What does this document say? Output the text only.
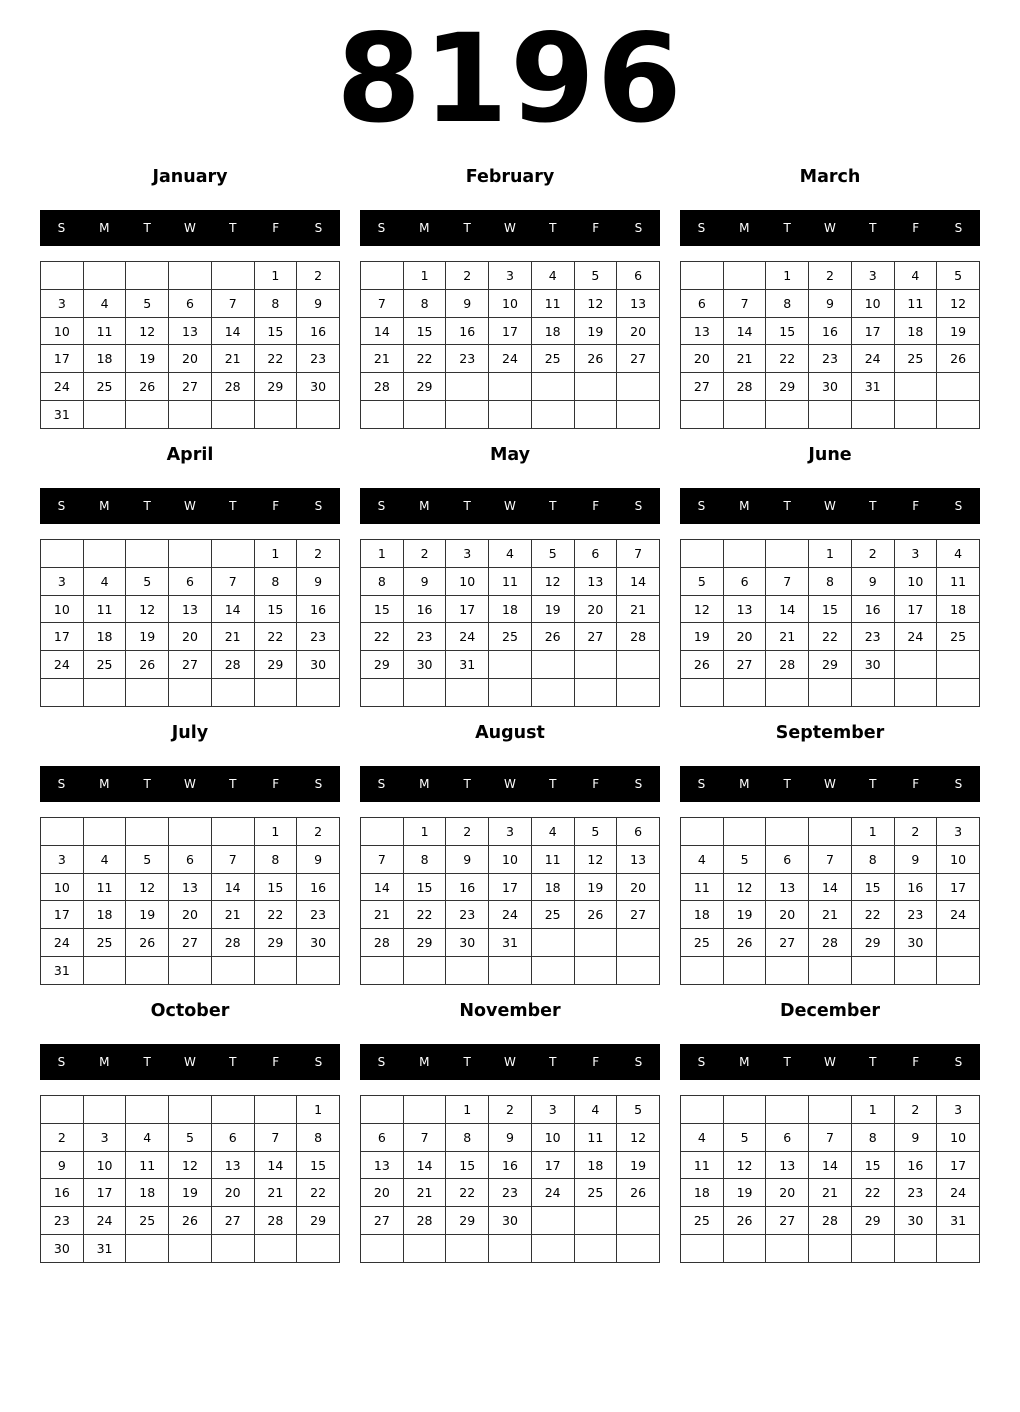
8196
January
S	M	T	W	T	F	S
					1	2
3	4	5	6	7	8	9
10	11	12	13	14	15	16
17	18	19	20	21	22	23
24	25	26	27	28	29	30
31						
February
S	M	T	W	T	F	S
	1	2	3	4	5	6
7	8	9	10	11	12	13
14	15	16	17	18	19	20
21	22	23	24	25	26	27
28	29					

March
S	M	T	W	T	F	S
		1	2	3	4	5
6	7	8	9	10	11	12
13	14	15	16	17	18	19
20	21	22	23	24	25	26
27	28	29	30	31		

April
S	M	T	W	T	F	S
					1	2
3	4	5	6	7	8	9
10	11	12	13	14	15	16
17	18	19	20	21	22	23
24	25	26	27	28	29	30

May
S	M	T	W	T	F	S
1	2	3	4	5	6	7
8	9	10	11	12	13	14
15	16	17	18	19	20	21
22	23	24	25	26	27	28
29	30	31				

June
S	M	T	W	T	F	S
			1	2	3	4
5	6	7	8	9	10	11
12	13	14	15	16	17	18
19	20	21	22	23	24	25
26	27	28	29	30		

July
S	M	T	W	T	F	S
					1	2
3	4	5	6	7	8	9
10	11	12	13	14	15	16
17	18	19	20	21	22	23
24	25	26	27	28	29	30
31						
August
S	M	T	W	T	F	S
	1	2	3	4	5	6
7	8	9	10	11	12	13
14	15	16	17	18	19	20
21	22	23	24	25	26	27
28	29	30	31			

September
S	M	T	W	T	F	S
				1	2	3
4	5	6	7	8	9	10
11	12	13	14	15	16	17
18	19	20	21	22	23	24
25	26	27	28	29	30	

October
S	M	T	W	T	F	S
						1
2	3	4	5	6	7	8
9	10	11	12	13	14	15
16	17	18	19	20	21	22
23	24	25	26	27	28	29
30	31					
November
S	M	T	W	T	F	S
		1	2	3	4	5
6	7	8	9	10	11	12
13	14	15	16	17	18	19
20	21	22	23	24	25	26
27	28	29	30			

December
S	M	T	W	T	F	S
				1	2	3
4	5	6	7	8	9	10
11	12	13	14	15	16	17
18	19	20	21	22	23	24
25	26	27	28	29	30	31
